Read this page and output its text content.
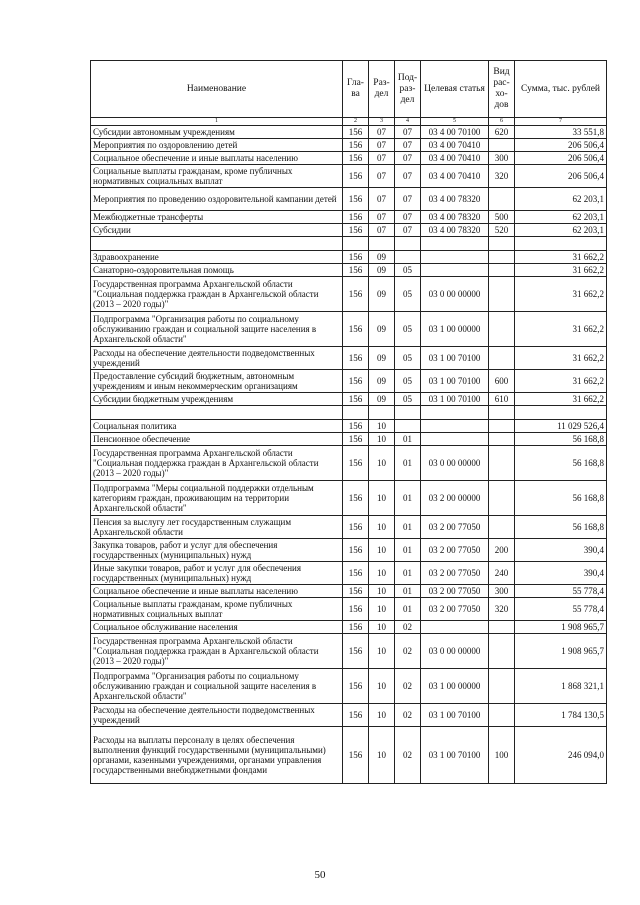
Наименование	Гла-ва	Раз-дел	Под-раз-дел	Целевая статья	Вид рас-хо-дов	Сумма, тыс. рублей
1	2	3	4	5	6	7
Субсидии автономным учреждениям	156	07	07	03 4 00 70100	620	33 551,8
Мероприятия по оздоровлению детей	156	07	07	03 4 00 70410		206 506,4
Социальное обеспечение и иные выплаты населению	156	07	07	03 4 00 70410	300	206 506,4
Социальные выплаты гражданам, кроме публичных нормативных социальных выплат	156	07	07	03 4 00 70410	320	206 506,4
Мероприятия по проведению оздоровительной кампании детей	156	07	07	03 4 00 78320		62 203,1
Межбюджетные трансферты	156	07	07	03 4 00 78320	500	62 203,1
Субсидии	156	07	07	03 4 00 78320	520	62 203,1

Здравоохранение	156	09				31 662,2
Санаторно-оздоровительная помощь	156	09	05			31 662,2
Государственная программа Архангельской области "Социальная поддержка граждан в Архангельской области (2013 – 2020 годы)"	156	09	05	03 0 00 00000		31 662,2
Подпрограмма "Организация работы по социальному обслуживанию граждан и социальной защите населения в Архангельской области"	156	09	05	03 1 00 00000		31 662,2
Расходы на обеспечение деятельности подведомственных учреждений	156	09	05	03 1 00 70100		31 662,2
Предоставление субсидий бюджетным, автономным учреждениям и иным некоммерческим организациям	156	09	05	03 1 00 70100	600	31 662,2
Субсидии бюджетным учреждениям	156	09	05	03 1 00 70100	610	31 662,2

Социальная политика	156	10				11 029 526,4
Пенсионное обеспечение	156	10	01			56 168,8
Государственная программа Архангельской области "Социальная поддержка граждан в Архангельской области (2013 – 2020 годы)"	156	10	01	03 0 00 00000		56 168,8
Подпрограмма "Меры социальной поддержки отдельным категориям граждан, проживающим на территории Архангельской области"	156	10	01	03 2 00 00000		56 168,8
Пенсия за выслугу лет государственным служащим Архангельской области	156	10	01	03 2 00 77050		56 168,8
Закупка товаров, работ и услуг для обеспечения государственных (муниципальных) нужд	156	10	01	03 2 00 77050	200	390,4
Иные закупки товаров, работ и услуг для обеспечения государственных (муниципальных) нужд	156	10	01	03 2 00 77050	240	390,4
Социальное обеспечение и иные выплаты населению	156	10	01	03 2 00 77050	300	55 778,4
Социальные выплаты гражданам, кроме публичных нормативных социальных выплат	156	10	01	03 2 00 77050	320	55 778,4
Социальное обслуживание населения	156	10	02			1 908 965,7
Государственная программа Архангельской области "Социальная поддержка граждан в Архангельской области (2013 – 2020 годы)"	156	10	02	03 0 00 00000		1 908 965,7
Подпрограмма "Организация работы по социальному обслуживанию граждан и социальной защите населения в Архангельской области"	156	10	02	03 1 00 00000		1 868 321,1
Расходы на обеспечение деятельности подведомственных учреждений	156	10	02	03 1 00 70100		1 784 130,5
Расходы на выплаты персоналу в целях обеспечения выполнения функций государственными (муниципальными) органами, казенными учреждениями, органами управления государственными внебюджетными фондами	156	10	02	03 1 00 70100	100	246 094,0
50
